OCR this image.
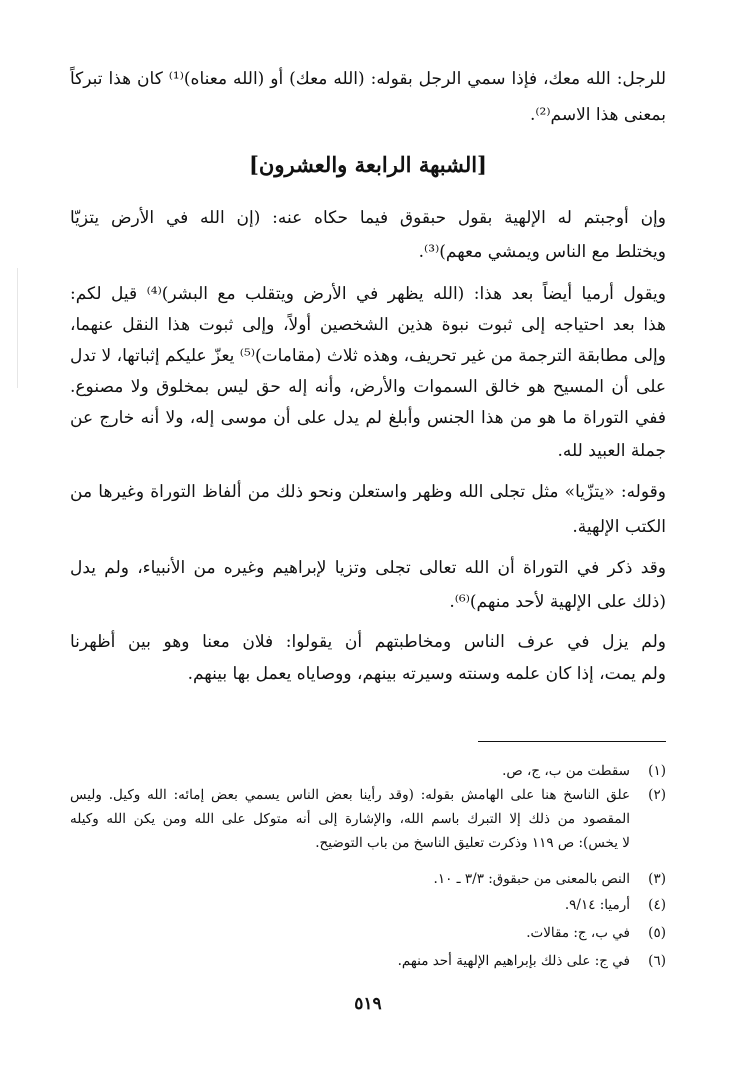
للرجل: الله معك، فإذا سمي الرجل بقوله: (الله معك) أو (الله معناه)⁽¹⁾ كان هذا تبركاً
بمعنى هذا الاسم⁽²⁾.
[الشبهة الرابعة والعشرون]
وإن أوجبتم له الإلهية بقول حبقوق فيما حكاه عنه: (إن الله في الأرض يتزيّا
ويختلط مع الناس ويمشي معهم)⁽³⁾.
ويقول أرميا أيضاً بعد هذا: (الله يظهر في الأرض ويتقلب مع البشر)⁽⁴⁾ قيل لكم:
هذا بعد احتياجه إلى ثبوت نبوة هذين الشخصين أولاً، وإلى ثبوت هذا النقل عنهما،
وإلى مطابقة الترجمة من غير تحريف، وهذه ثلاث (مقامات)⁽⁵⁾ يعزّ عليكم إثباتها، لا تدل
على أن المسيح هو خالق السموات والأرض، وأنه إله حق ليس بمخلوق ولا مصنوع.
ففي التوراة ما هو من هذا الجنس وأبلغ لم يدل على أن موسى إله، ولا أنه خارج عن
جملة العبيد لله.
وقوله: «يتزّيا» مثل تجلى الله وظهر واستعلن ونحو ذلك من ألفاظ التوراة وغيرها من
الكتب الإلهية.
وقد ذكر في التوراة أن الله تعالى تجلى وتزيا لإبراهيم وغيره من الأنبياء، ولم يدل
(ذلك على الإلهية لأحد منهم)⁽⁶⁾.
ولم يزل في عرف الناس ومخاطبتهم أن يقولوا: فلان معنا وهو بين أظهرنا
ولم يمت، إذا كان علمه وسنته وسيرته بينهم، ووصاياه يعمل بها بينهم.
(١)سقطت من ب، ج، ص.
(٢)علق الناسخ هنا على الهامش بقوله: (وقد رأينا بعض الناس يسمي بعض إمائه: الله وكيل. وليس
المقصود من ذلك إلا التبرك باسم الله، والإشارة إلى أنه متوكل على الله ومن يكن الله وكيله
لا يخس): ص ١١٩ وذكرت تعليق الناسخ من باب التوضيح.
(٣)النص بالمعنى من حبقوق: ٣/٣ ـ ١٠.
(٤)أرميا: ٩/١٤.
(٥)في ب، ج: مقالات.
(٦)في ج: على ذلك بإبراهيم الإلهية أحد منهم.
٥١٩
